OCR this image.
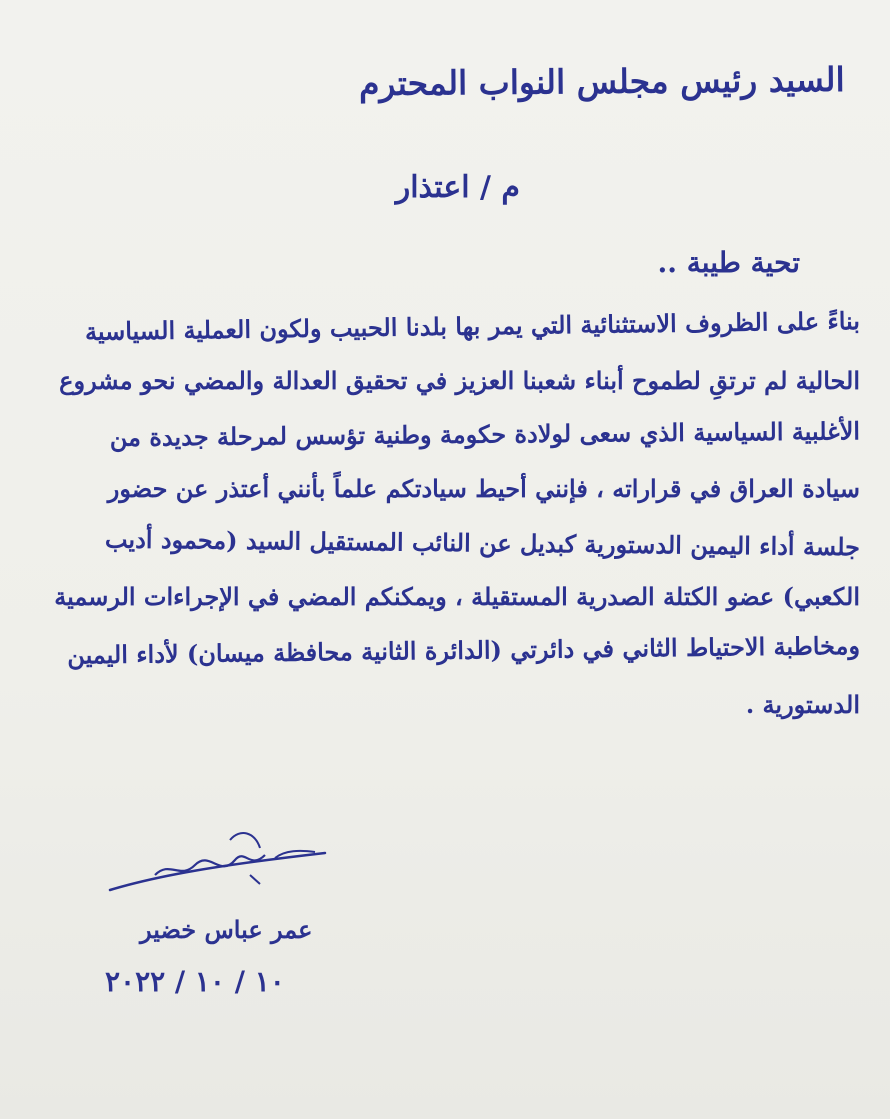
السيد رئيس مجلس النواب المحترم
م / اعتذار
تحية طيبة ..
بناءً على الظروف الاستثنائية التي يمر بها بلدنا الحبيب ولكون العملية السياسية
الحالية لم ترتقِ لطموح أبناء شعبنا العزيز في تحقيق العدالة والمضي نحو مشروع
الأغلبية السياسية الذي سعى لولادة حكومة وطنية تؤسس لمرحلة جديدة من
سيادة العراق في قراراته ، فإنني أحيط سيادتكم علماً بأنني أعتذر عن حضور
جلسة أداء اليمين الدستورية كبديل عن النائب المستقيل السيد (محمود أديب
الكعبي) عضو الكتلة الصدرية المستقيلة ، ويمكنكم المضي في الإجراءات الرسمية
ومخاطبة الاحتياط الثاني في دائرتي (الدائرة الثانية محافظة ميسان) لأداء اليمين
الدستورية .
عمر عباس خضير
١٠ / ١٠ / ٢٠٢٢
